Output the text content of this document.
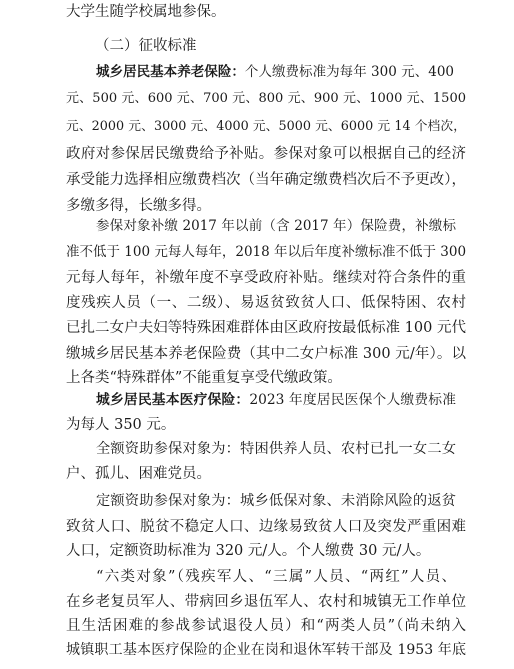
大学生随学校属地参保。
（二）征收标准
城乡居民基本养老保险：个人缴费标准为每年 300 元、400
元、500 元、600 元、700 元、800 元、900 元、1000 元、1500
元、2000 元、3000 元、4000 元、5000 元、6000 元 14 个档次，
政府对参保居民缴费给予补贴。参保对象可以根据自己的经济
承受能力选择相应缴费档次（当年确定缴费档次后不予更改），
多缴多得，长缴多得。
参保对象补缴 2017 年以前（含 2017 年）保险费，补缴标
准不低于 100 元每人每年，2018 年以后年度补缴标准不低于 300
元每人每年，补缴年度不享受政府补贴。继续对符合条件的重
度残疾人员（一、二级）、易返贫致贫人口、低保特困、农村
已扎二女户夫妇等特殊困难群体由区政府按最低标准 100 元代
缴城乡居民基本养老保险费（其中二女户标准 300 元/年）。以
上各类“特殊群体”不能重复享受代缴政策。
城乡居民基本医疗保险：2023 年度居民医保个人缴费标准
为每人 350 元。
全额资助参保对象为：特困供养人员、农村已扎一女二女
户、孤儿、困难党员。
定额资助参保对象为：城乡低保对象、未消除风险的返贫
致贫人口、脱贫不稳定人口、边缘易致贫人口及突发严重困难
人口，定额资助标准为 320 元/人。个人缴费 30 元/人。
“六类对象”（残疾军人、“三属”人员、“两红”人员、
在乡老复员军人、带病回乡退伍军人、农村和城镇无工作单位
且生活困难的参战参试退役人员）和“两类人员”（尚未纳入
城镇职工基本医疗保险的企业在岗和退休军转干部及 1953 年底
